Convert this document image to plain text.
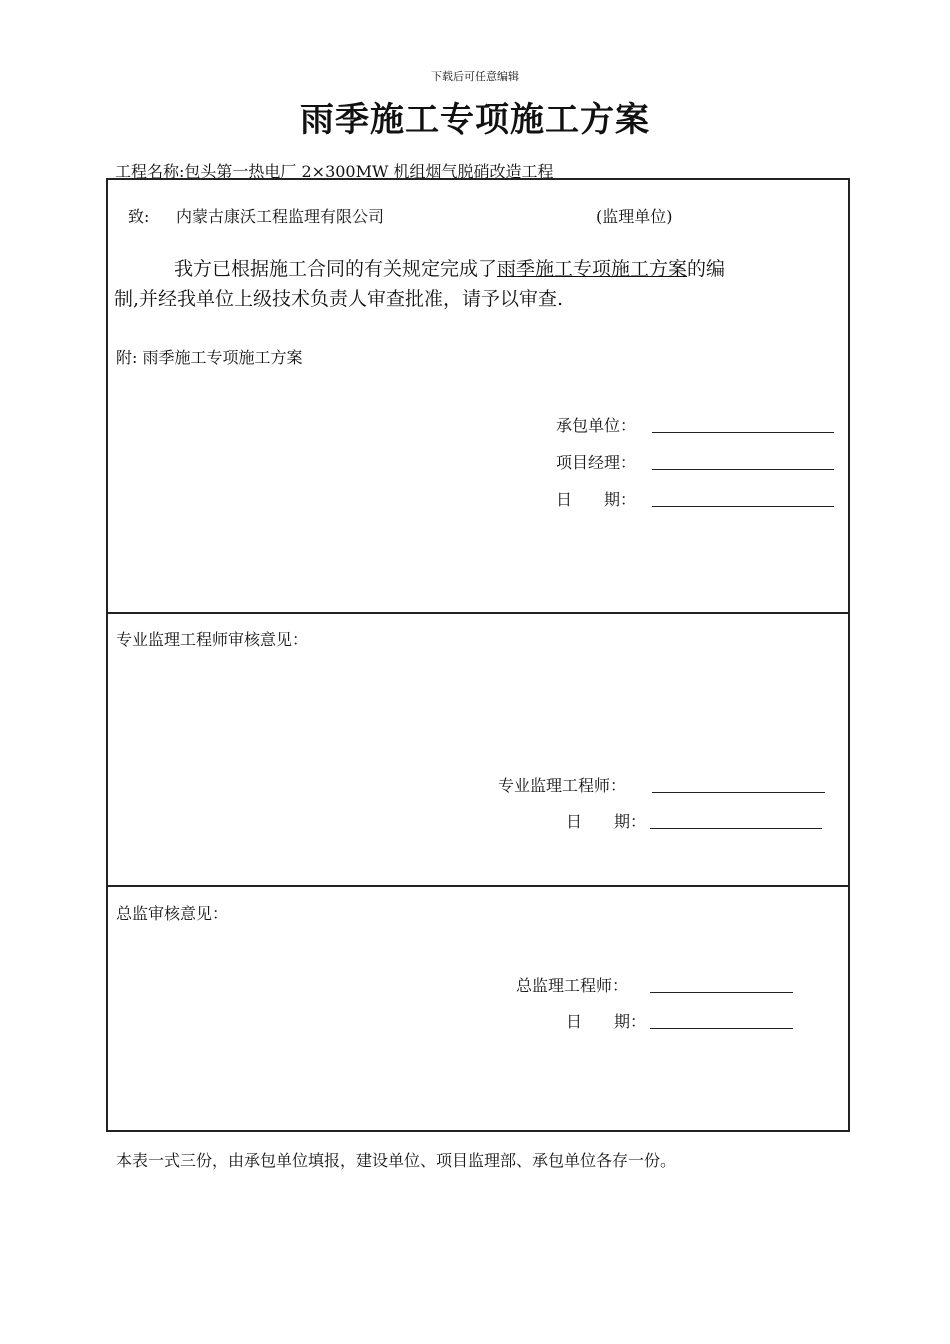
下载后可任意编辑
雨季施工专项施工方案
工程名称:包头第一热电厂 2×300MW 机组烟气脱硝改造工程
致: 内蒙古康沃工程监理有限公司	(监理单位)
我方已根据施工合同的有关规定完成了雨季施工专项施工方案的编
制,并经我单位上级技术负责人审查批准，请予以审查.
附: 雨季施工专项施工方案
承包单位：
项目经理：
日　　期：
专业监理工程师审核意见：
专业监理工程师：
日　　期：
总监审核意见：
总监理工程师：
日　　期：
本表一式三份，由承包单位填报，建设单位、项目监理部、承包单位各存一份。
